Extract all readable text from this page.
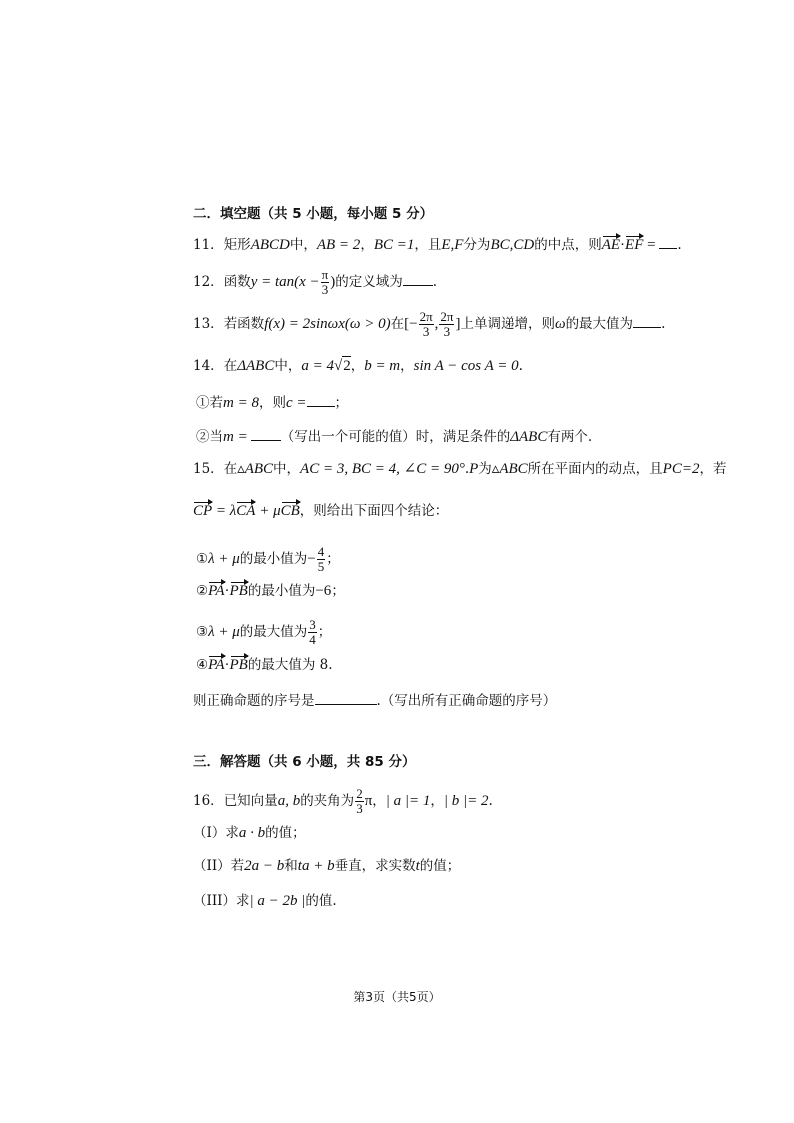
二．填空题（共 5 小题，每小题 5 分）
11．矩形ABCD中，AB = 2，BC =1，且E,F分为BC,CD的中点，则AE·EF = .
12．函数$y = \tan(x - \frac{\pi}{3}$ )的定义域为 .
13．若函数f(x) = 2sinωx(ω > 0)在[− $\frac{2\pi}{3}$ , $\frac{2\pi}{3}$ ]上单调递增，则ω的最大值为 .
14．在ΔABC中，a = 4√2，b = m，sin A − cos A = 0.
①若m = 8，则c = ；
②当m = （写出一个可能的值）时，满足条件的ΔABC有两个.
15．在▵ABC中，AC = 3, BC = 4, ∠C = 90°.P为▵ABC所在平面内的动点，且PC=2，若
CP = λCA + μCB，则给出下面四个结论：
①λ + μ的最小值为− $\frac{4}{5}$ ；
②PA·PB的最小值为−6；
③λ + μ的最大值为 $\frac{3}{4}$ ；
④PA·PB的最大值为 8.
则正确命题的序号是	.（写出所有正确命题的序号）
三．解答题（共 6 小题，共 85 分）
16．已知向量a, b的夹角为 $\frac{2}{3}$ π，| a |= 1，| b |= 2.
（I）求a · b的值；
（II）若2a − b和ta + b垂直，求实数t的值；
（III）求| a − 2b |的值.
第3页（共5页）
